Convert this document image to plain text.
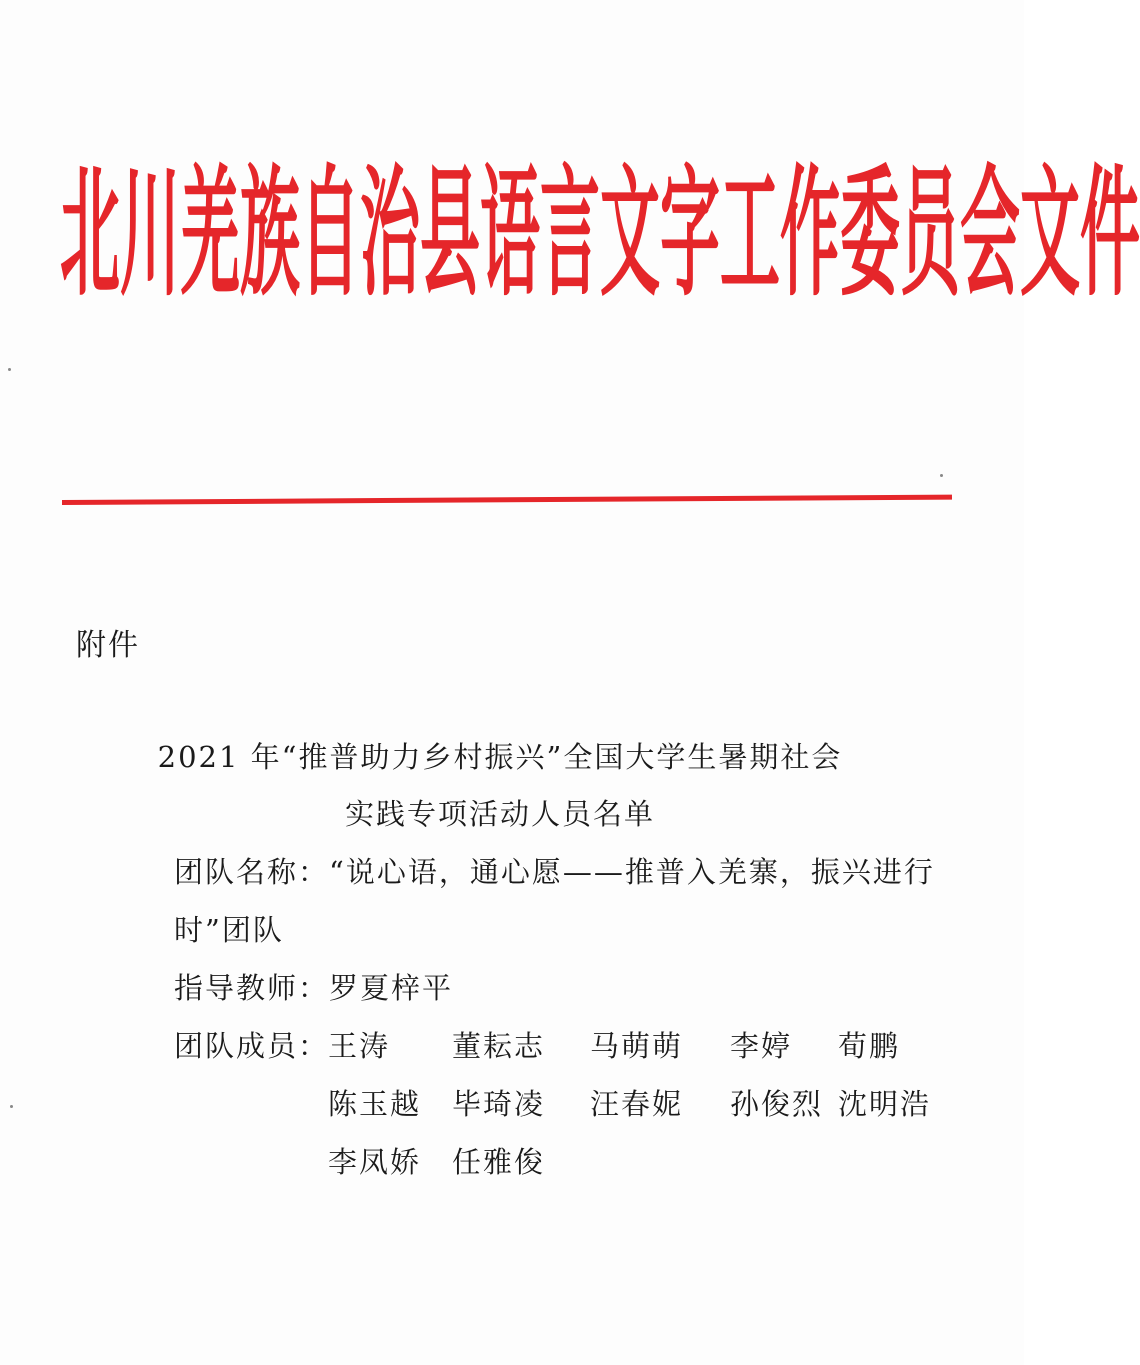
北 川 羌 族 自 治 县 语 言 文 字 工 作 委 员 会 文 件
附件
2021 年“推普助力乡村振兴”全国大学生暑期社会
实践专项活动人员名单
团队名称：“说心语，通心愿——推普入羌寨，振兴进行
时”团队
指导教师：罗夏梓平
团队成员：
王涛 董耘志 马萌萌 李婷 荀鹏
陈玉越 毕琦凌 汪春妮 孙俊烈 沈明浩
李凤娇 任雅俊
